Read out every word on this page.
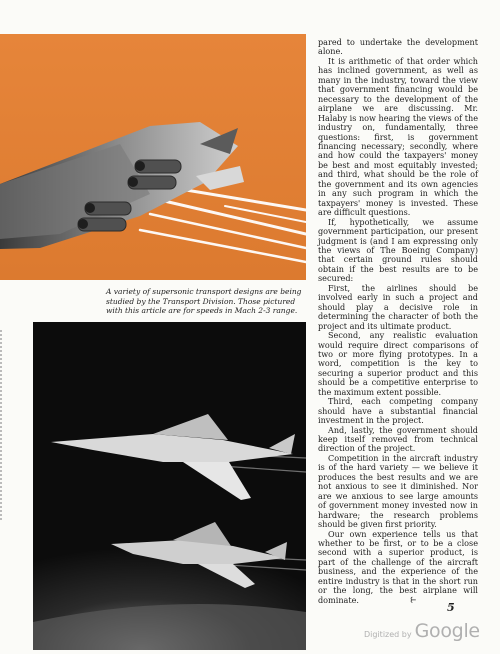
A variety of supersonic transport designs are being

studied by the Transport Division. Those pictured

with this article are for speeds in Mach 2-3 range.

pared to undertake the development alone.

It is arithmetic of that order which has inclined government, as well as many in the industry, toward the view that government financing would be necessary to the development of the airplane we are discussing. Mr. Halaby is now hearing the views of the industry on, fundamentally, three questions: first, is government financing necessary; secondly, where and how could the taxpayers' money be best and most equitably invested; and third, what should be the role of the government and its own agencies in any such program in which the taxpayers' money is invested. These are difficult questions.

If, hypothetically, we assume government participation, our present judgment is (and I am expressing only the views of The Boeing Company) that certain ground rules should obtain if the best results are to be secured:

First, the airlines should be involved early in such a project and should play a decisive role in determining the character of both the project and its ultimate product.

Second, any realistic evaluation would require direct comparisons of two or more flying prototypes. In a word, competition is the key to securing a superior product and this should be a competitive enterprise to the maximum extent possible.

Third, each competing company should have a substantial financial investment in the project.

And, lastly, the government should keep itself removed from technical direction of the project.

Competition in the aircraft industry is of the hard variety — we believe it produces the best results and we are not anxious to see it diminished. Nor are we anxious to see large amounts of government money invested now in hardware; the research problems should be given first priority.

Our own experience tells us that whether to be first, or to be a close second with a superior product, is part of the challenge of the aircraft business, and the experience of the entire industry is that in the short run or the long, the best airplane will dominate.	⥼

5
Digitized by Google
